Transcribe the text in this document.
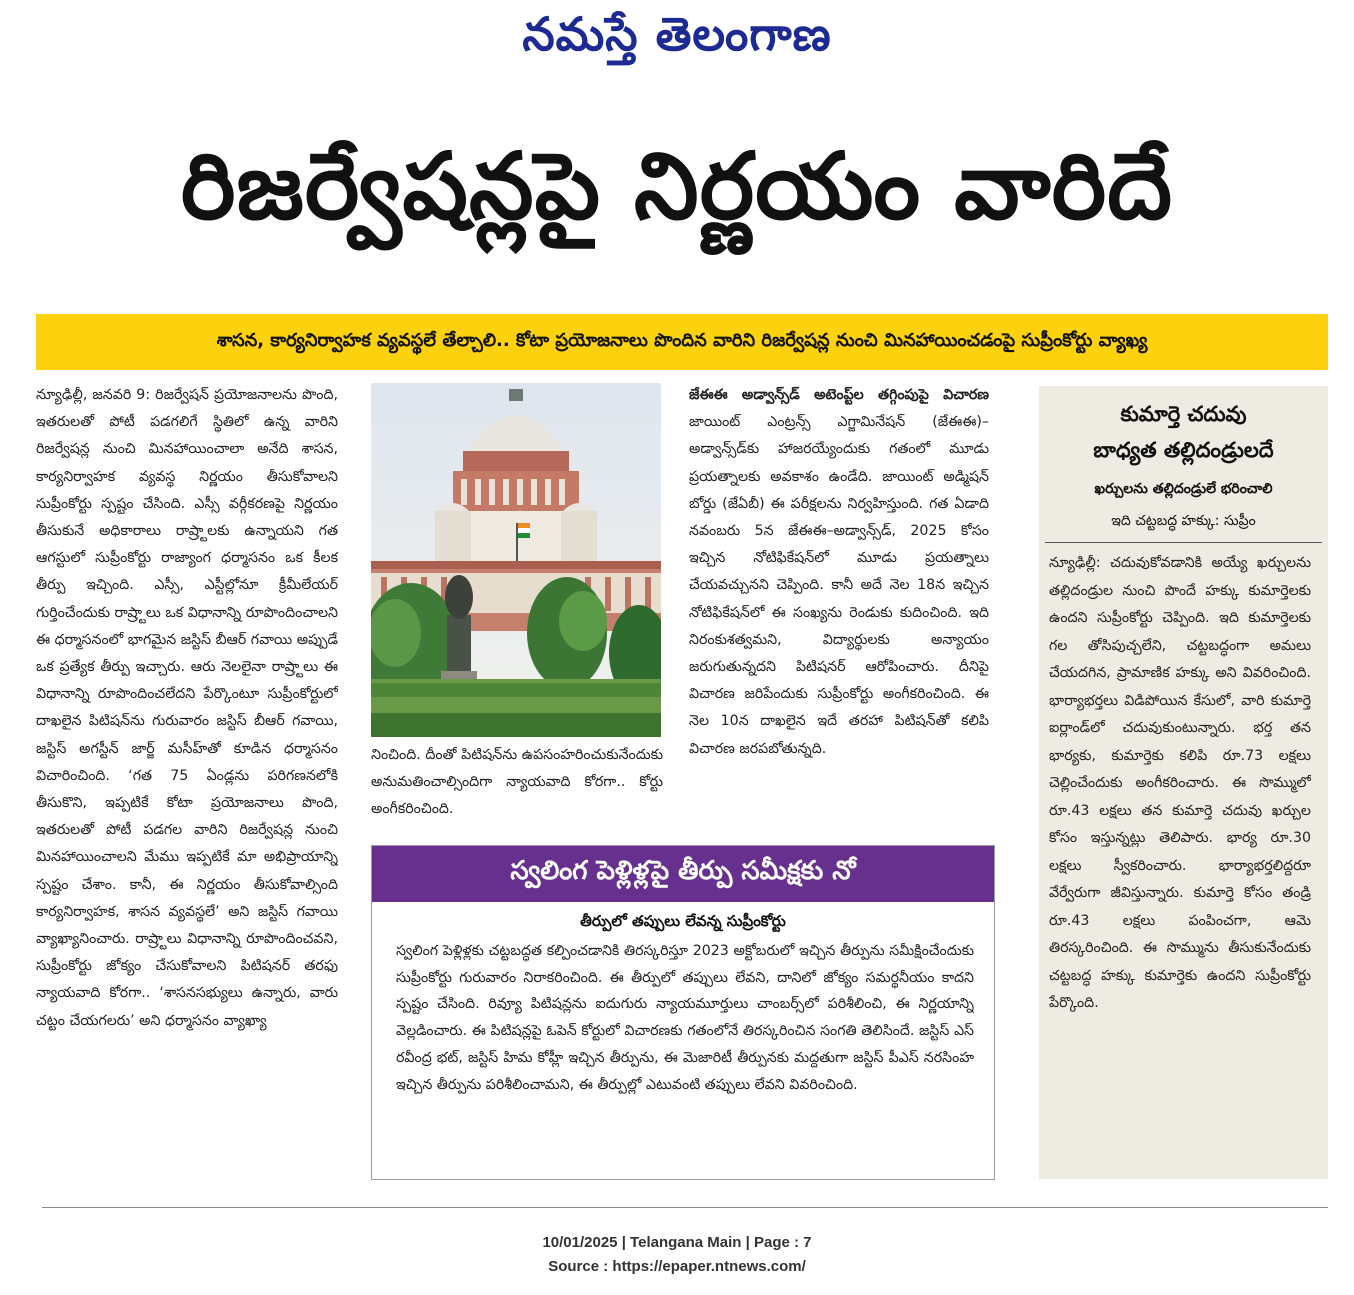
నమస్తే తెలంగాణ
రిజర్వేషన్లపై నిర్ణయం వారిదే
శాసన, కార్యనిర్వాహక వ్యవస్థలే తేల్చాలి.. కోటా ప్రయోజనాలు పొందిన వారిని రిజర్వేషన్ల నుంచి మినహాయించడంపై సుప్రీంకోర్టు వ్యాఖ్య
న్యూఢిల్లీ, జనవరి 9: రిజర్వేషన్ ప్రయోజనాలను పొంది, ఇతరులతో పోటీ పడగలిగే స్థితిలో ఉన్న వారిని రిజర్వేషన్ల నుంచి మినహాయించాలా అనేది శాసన, కార్యనిర్వాహక వ్యవస్థ నిర్ణయం తీసుకోవాలని సుప్రీంకోర్టు స్పష్టం చేసింది. ఎస్సీ వర్గీకరణపై నిర్ణయం తీసుకునే అధికారాలు రాష్ర్టాలకు ఉన్నాయని గత ఆగస్టులో సుప్రీంకోర్టు రాజ్యాంగ ధర్మాసనం ఒక కీలక తీర్పు ఇచ్చింది. ఎస్సీ, ఎస్టీల్లోనూ క్రీమీలేయర్ గుర్తించేందుకు రాష్ర్టాలు ఒక విధానాన్ని రూపొందించాలని ఈ ధర్మాసనంలో భాగమైన జస్టిస్ బీఆర్ గవాయి అప్పుడే ఒక ప్రత్యేక తీర్పు ఇచ్చారు. ఆరు నెలలైనా రాష్ర్టాలు ఈ విధానాన్ని రూపొందించలేదని పేర్కొంటూ సుప్రీంకోర్టులో దాఖలైన పిటిషన్‌ను గురువారం జస్టిస్ బీఆర్ గవాయి, జస్టిస్ అగస్టీన్ జార్జ్ మసీహ్‌తో కూడిన ధర్మాసనం విచారించింది. ‘గత 75 ఏండ్లను పరిగణనలోకి తీసుకొని, ఇప్పటికే కోటా ప్రయోజనాలు పొంది, ఇతరులతో పోటీ పడగల వారిని రిజర్వేషన్ల నుంచి మినహాయించాలని మేము ఇప్పటికే మా అభిప్రాయాన్ని స్పష్టం చేశాం. కానీ, ఈ నిర్ణయం తీసుకోవాల్సింది కార్యనిర్వాహక, శాసన వ్యవస్థలే’ అని జస్టిస్ గవాయి వ్యాఖ్యానించారు. రాష్ర్టాలు విధానాన్ని రూపొందించవని, సుప్రీంకోర్టు జోక్యం చేసుకోవాలని పిటిషనర్ తరఫు న్యాయవాది కోరగా.. ‘శాసనసభ్యులు ఉన్నారు, వారు చట్టం చేయగలరు’ అని ధర్మాసనం వ్యాఖ్యా
నించింది. దీంతో పిటిషన్‌ను ఉపసంహరించుకునేందుకు అనుమతించాల్సిందిగా న్యాయవాది కోరగా.. కోర్టు అంగీకరించింది.
జేఈఈ అడ్వాన్స్‌డ్ అటెంప్ట్‌ల తగ్గింపుపై విచారణ జాయింట్ ఎంట్రన్స్ ఎగ్జామినేషన్ (జేఈఈ)–అడ్వాన్స్‌డ్‌కు హాజరయ్యేందుకు గతంలో మూడు ప్రయత్నాలకు అవకాశం ఉండేది. జాయింట్ అడ్మిషన్ బోర్డు (జేఏబీ) ఈ పరీక్షలను నిర్వహిస్తుంది. గత ఏడాది నవంబరు 5న జేఈఈ–అడ్వాన్స్‌డ్, 2025 కోసం ఇచ్చిన నోటిఫికేషన్‌లో మూడు ప్రయత్నాలు చేయవచ్చునని చెప్పింది. కానీ అదే నెల 18న ఇచ్చిన నోటిఫికేషన్‌లో ఈ సంఖ్యను రెండుకు కుదించింది. ఇది నిరంకుశత్వమని, విద్యార్థులకు అన్యాయం జరుగుతున్నదని పిటిషనర్ ఆరోపించారు. దీనిపై విచారణ జరిపేందుకు సుప్రీంకోర్టు అంగీకరించింది. ఈ నెల 10న దాఖలైన ఇదే తరహా పిటిషన్‌తో కలిపి విచారణ జరపబోతున్నది.
కుమార్తె చదువు
బాధ్యత తల్లిదండ్రులదే
ఖర్చులను తల్లిదండ్రులే భరించాలి
ఇది చట్టబద్ధ హక్కు: సుప్రీం
న్యూఢిల్లీ: చదువుకోవడానికి అయ్యే ఖర్చులను తల్లిదండ్రుల నుంచి పొందే హక్కు కుమార్తెలకు ఉందని సుప్రీంకోర్టు చెప్పింది. ఇది కుమార్తెలకు గల తోసిపుచ్చలేని, చట్టబద్ధంగా అమలు చేయదగిన, ప్రామాణిక హక్కు అని వివరించింది. భార్యాభర్తలు విడిపోయిన కేసులో, వారి కుమార్తె ఐర్లాండ్‌లో చదువుకుంటున్నారు. భర్త తన భార్యకు, కుమార్తెకు కలిపి రూ.73 లక్షలు చెల్లించేందుకు అంగీకరించారు. ఈ సొమ్ములో రూ.43 లక్షలు తన కుమార్తె చదువు ఖర్చుల కోసం ఇస్తున్నట్లు తెలిపారు. భార్య రూ.30 లక్షలు స్వీకరించారు. భార్యాభర్తలిద్దరూ వేర్వేరుగా జీవిస్తున్నారు. కుమార్తె కోసం తండ్రి రూ.43 లక్షలు పంపించగా, ఆమె తిరస్కరించింది. ఈ సొమ్మును తీసుకునేందుకు చట్టబద్ధ హక్కు కుమార్తెకు ఉందని సుప్రీంకోర్టు పేర్కొంది.
స్వలింగ పెళ్లిళ్లపై తీర్పు సమీక్షకు నో
తీర్పులో తప్పులు లేవన్న సుప్రీంకోర్టు
స్వలింగ పెళ్లిళ్లకు చట్టబద్ధత కల్పించడానికి తిరస్కరిస్తూ 2023 అక్టోబరులో ఇచ్చిన తీర్పును సమీక్షించేందుకు సుప్రీంకోర్టు గురువారం నిరాకరించింది. ఈ తీర్పులో తప్పులు లేవని, దానిలో జోక్యం సమర్థనీయం కాదని స్పష్టం చేసింది. రివ్యూ పిటిషన్లను ఐదుగురు న్యాయమూర్తులు చాంబర్స్‌లో పరిశీలించి, ఈ నిర్ణయాన్ని వెల్లడించారు. ఈ పిటిషన్లపై ఓపెన్ కోర్టులో విచారణకు గతంలోనే తిరస్కరించిన సంగతి తెలిసిందే. జస్టిస్ ఎస్ రవీంద్ర భట్, జస్టిస్ హిమ కోహ్లీ ఇచ్చిన తీర్పును, ఈ మెజారిటీ తీర్పునకు మద్దతుగా జస్టిస్ పీఎస్ నరసింహ ఇచ్చిన తీర్పును పరిశీలించామని, ఈ తీర్పుల్లో ఎటువంటి తప్పులు లేవని వివరించింది.
10/01/2025 | Telangana Main | Page : 7
Source : https://epaper.ntnews.com/
